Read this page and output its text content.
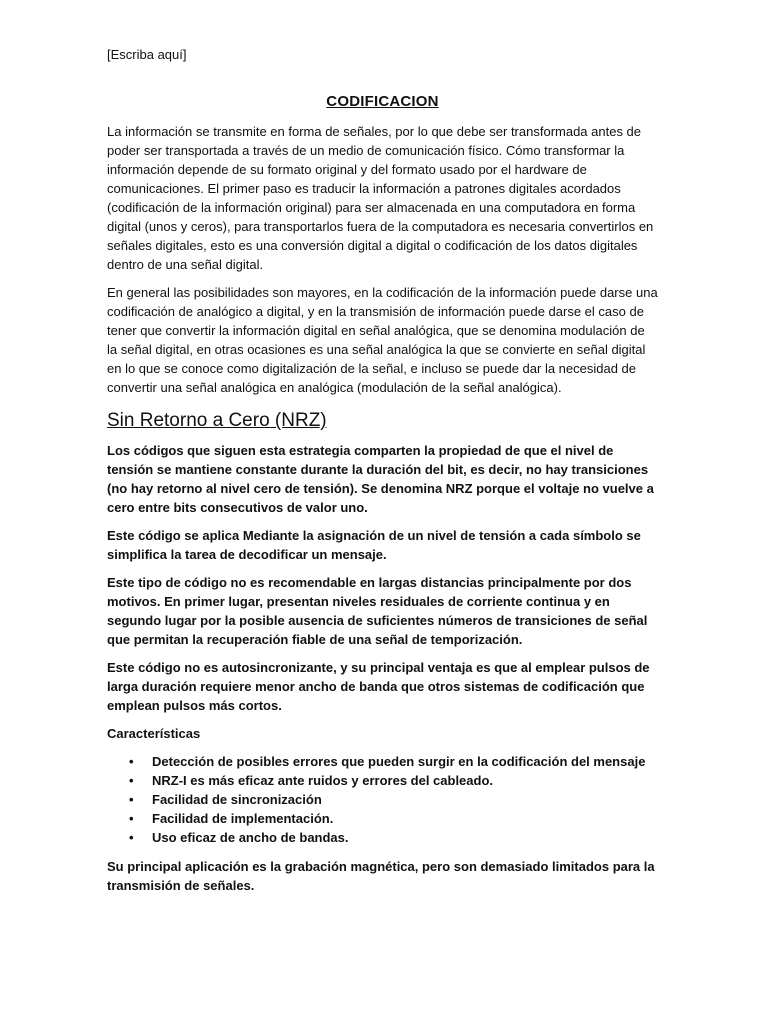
[Escriba aquí]
CODIFICACION

La información se transmite en forma de señales, por lo que debe ser transformada antes de poder ser transportada a través de un medio de comunicación físico. Cómo transformar la información depende de su formato original y del formato usado por el hardware de comunicaciones. El primer paso es traducir la información a patrones digitales acordados (codificación de la información original) para ser almacenada en una computadora en forma digital (unos y ceros), para transportarlos fuera de la computadora es necesaria convertirlos en señales digitales, esto es una conversión digital a digital o codificación de los datos digitales dentro de una señal digital.

En general las posibilidades son mayores, en la codificación de la información puede darse una codificación de analógico a digital, y en la transmisión de información puede darse el caso de tener que convertir la información digital en señal analógica, que se denomina modulación de la señal digital, en otras ocasiones es una señal analógica la que se convierte en señal digital en lo que se conoce como digitalización de la señal, e incluso se puede dar la necesidad de convertir una señal analógica en analógica (modulación de la señal analógica).

Sin Retorno a Cero (NRZ)

Los códigos que siguen esta estrategia comparten la propiedad de que el nivel de tensión se mantiene constante durante la duración del bit, es decir, no hay transiciones (no hay retorno al nivel cero de tensión). Se denomina NRZ porque el voltaje no vuelve a cero entre bits consecutivos de valor uno.

Este código se aplica Mediante la asignación de un nivel de tensión a cada símbolo se simplifica la tarea de decodificar un mensaje.

Este tipo de código no es recomendable en largas distancias principalmente por dos motivos. En primer lugar, presentan niveles residuales de corriente continua y en segundo lugar por la posible ausencia de suficientes números de transiciones de señal que permitan la recuperación fiable de una señal de temporización.

Este código no es autosincronizante, y su principal ventaja es que al emplear pulsos de larga duración requiere menor ancho de banda que otros sistemas de codificación que emplean pulsos más cortos.

Características

•	Detección de posibles errores que pueden surgir en la codificación del mensaje
•	NRZ-I es más eficaz ante ruidos y errores del cableado.
•	Facilidad de sincronización
•	Facilidad de implementación.
•	Uso eficaz de ancho de bandas.

Su principal aplicación es la grabación magnética, pero son demasiado limitados para la transmisión de señales.
